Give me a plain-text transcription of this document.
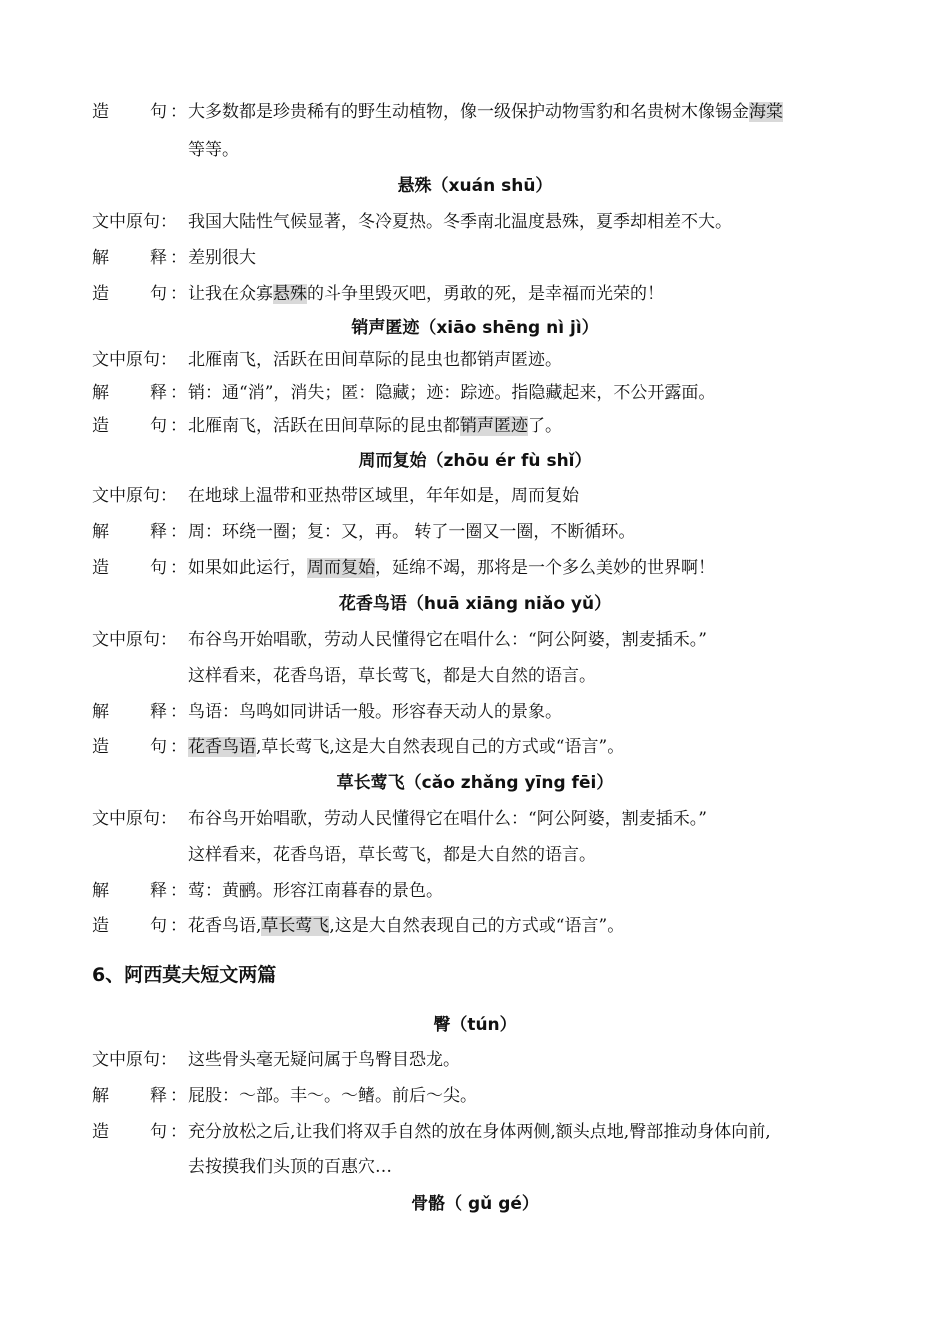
造 句 ： 大多数都是珍贵稀有的野生动植物，像一级保护动物雪豹和名贵树木像锡金海棠
等等。
悬殊（xuán shū）
文中原句： 我国大陆性气候显著，冬冷夏热。冬季南北温度悬殊，夏季却相差不大。
解 释 ： 差别很大
造 句 ： 让我在众寡悬殊的斗争里毁灭吧，勇敢的死，是幸福而光荣的！
销声匿迹（xiāo shēng nì jì）
文中原句： 北雁南飞，活跃在田间草际的昆虫也都销声匿迹。
解 释 ： 销：通“消”，消失；匿：隐藏；迹：踪迹。指隐藏起来，不公开露面。
造 句 ： 北雁南飞，活跃在田间草际的昆虫都销声匿迹了。
周而复始（zhōu ér fù shǐ）
文中原句： 在地球上温带和亚热带区域里，年年如是，周而复始
解 释 ： 周：环绕一圈；复：又，再。 转了一圈又一圈，不断循环。
造 句 ： 如果如此运行，周而复始，延绵不竭，那将是一个多么美妙的世界啊！
花香鸟语（huā xiāng niǎo yǔ）
文中原句： 布谷鸟开始唱歌，劳动人民懂得它在唱什么：“阿公阿婆，割麦插禾。”
这样看来，花香鸟语，草长莺飞，都是大自然的语言。
解 释 ： 鸟语：鸟鸣如同讲话一般。形容春天动人的景象。
造 句 ： 花香鸟语,草长莺飞,这是大自然表现自己的方式或“语言”。
草长莺飞（cǎo zhǎng yīng fēi）
文中原句： 布谷鸟开始唱歌，劳动人民懂得它在唱什么：“阿公阿婆，割麦插禾。”
这样看来，花香鸟语，草长莺飞，都是大自然的语言。
解 释 ： 莺：黄鹂。形容江南暮春的景色。
造 句 ： 花香鸟语,草长莺飞,这是大自然表现自己的方式或“语言”。
6、阿西莫夫短文两篇
臀（tún）
文中原句： 这些骨头毫无疑问属于鸟臀目恐龙。
解 释 ： 屁股：～部。丰～。～鳍。前后～尖。
造 句 ： 充分放松之后,让我们将双手自然的放在身体两侧,额头点地,臀部推动身体向前,
去按摸我们头顶的百惠穴…
骨骼（ gǔ gé）
